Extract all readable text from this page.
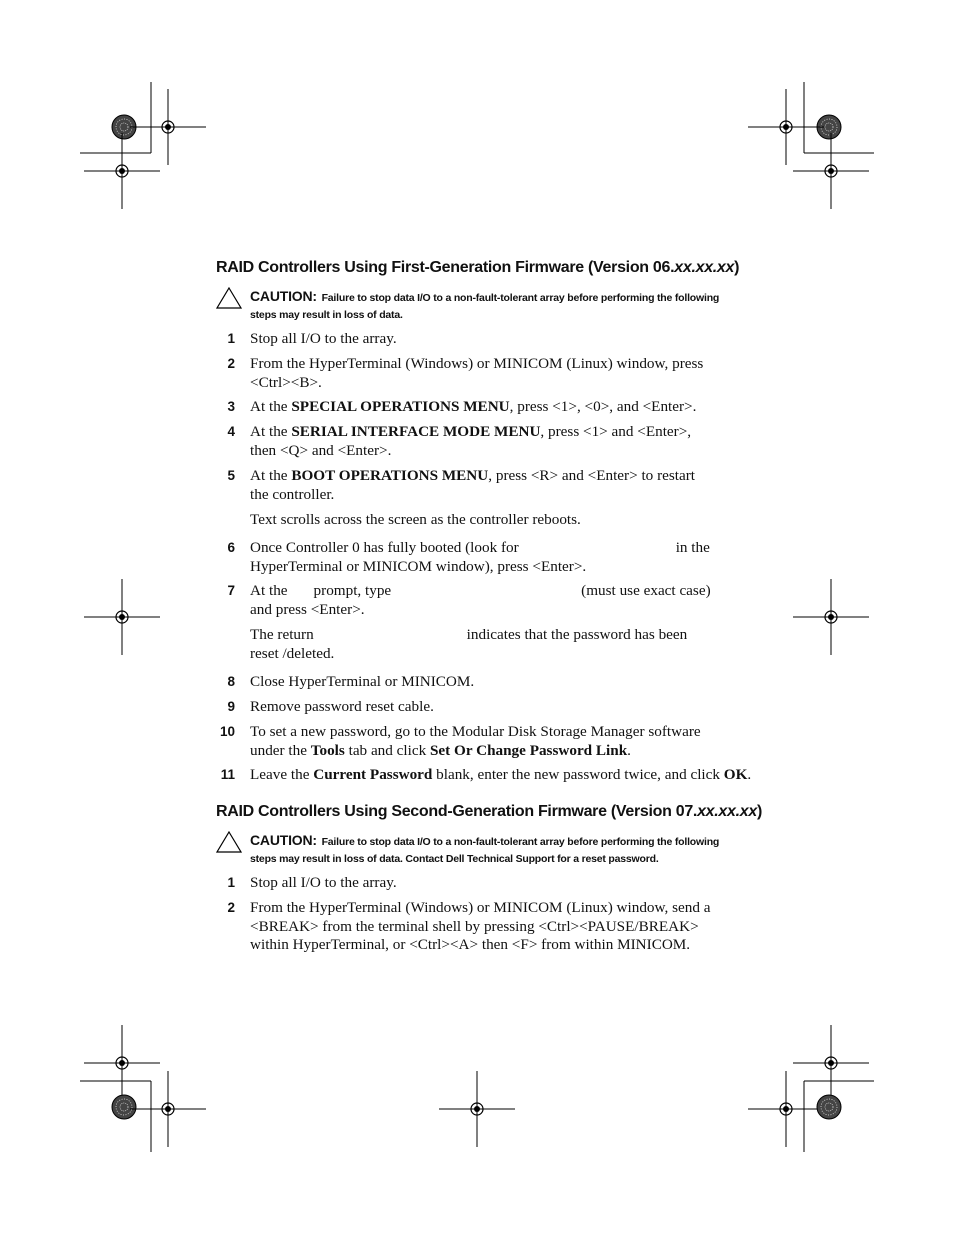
RAID Controllers Using First-Generation Firmware (Version 06.xx.xx.xx)
CAUTION: Failure to stop data I/O to a non-fault-tolerant array before performing the following
steps may result in loss of data.
1 Stop all I/O to the array.
2 From the HyperTerminal (Windows) or MINICOM (Linux) window, press
<Ctrl><B>.
3 At the SPECIAL OPERATIONS MENU, press <1>, <0>, and <Enter>.
4 At the SERIAL INTERFACE MODE MENU, press <1> and <Enter>,
then <Q> and <Enter>.
5 At the BOOT OPERATIONS MENU, press <R> and <Enter> to restart
the controller.
Text scrolls across the screen as the controller reboots.
6 Once Controller 0 has fully booted (look for	in the
HyperTerminal or MINICOM window), press <Enter>.
7 At the prompt, type	(must use exact case)
and press <Enter>.
The return	indicates that the password has been
reset /deleted.
8 Close HyperTerminal or MINICOM.
9 Remove password reset cable.
10 To set a new password, go to the Modular Disk Storage Manager software
under the Tools tab and click Set Or Change Password Link.
11 Leave the Current Password blank, enter the new password twice, and click OK.
RAID Controllers Using Second-Generation Firmware (Version 07.xx.xx.xx)
CAUTION: Failure to stop data I/O to a non-fault-tolerant array before performing the following
steps may result in loss of data. Contact Dell Technical Support for a reset password.
1 Stop all I/O to the array.
2 From the HyperTerminal (Windows) or MINICOM (Linux) window, send a
<BREAK> from the terminal shell by pressing <Ctrl><PAUSE/BREAK>
within HyperTerminal, or <Ctrl><A> then <F> from within MINICOM.
